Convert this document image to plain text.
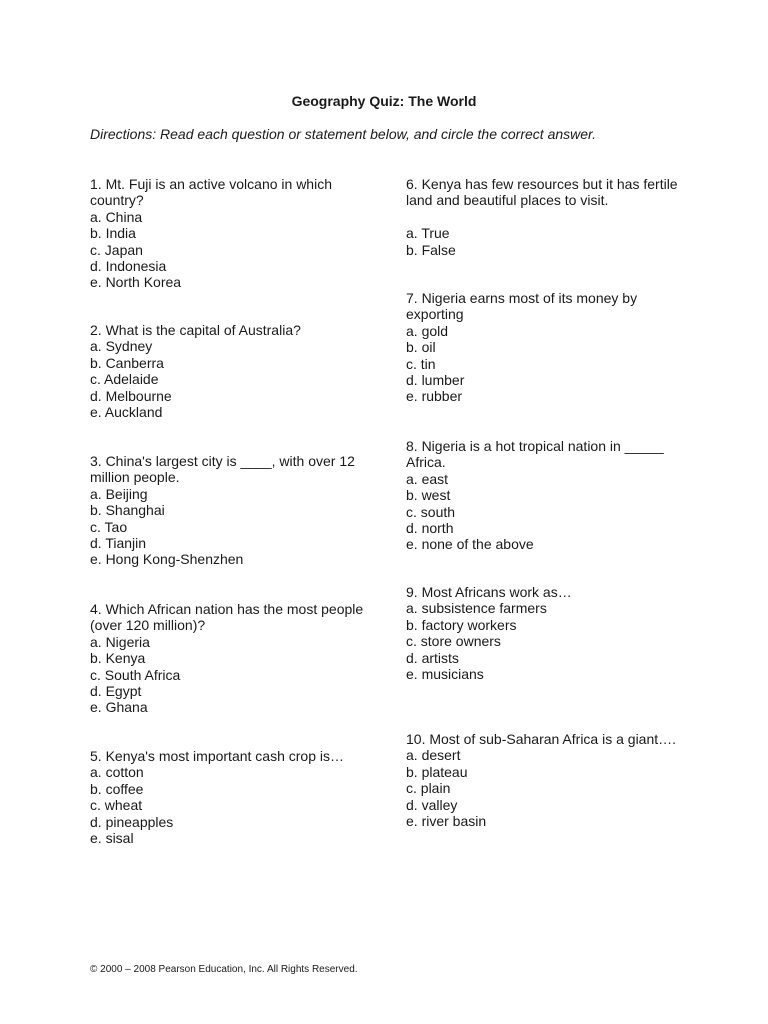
Geography Quiz: The World
Directions: Read each question or statement below, and circle the correct answer.
1. Mt. Fuji is an active volcano in which
country?
a. China
b. India
c. Japan
d. Indonesia
e. North Korea
2. What is the capital of Australia?
a. Sydney
b. Canberra
c. Adelaide
d. Melbourne
e. Auckland
3. China's largest city is ____, with over 12
million people.
a. Beijing
b. Shanghai
c. Tao
d. Tianjin
e. Hong Kong-Shenzhen
4. Which African nation has the most people
(over 120 million)?
a. Nigeria
b. Kenya
c. South Africa
d. Egypt
e. Ghana
5. Kenya's most important cash crop is…
a. cotton
b. coffee
c. wheat
d. pineapples
e. sisal
6. Kenya has few resources but it has fertile
land and beautiful places to visit.
a. True
b. False
7. Nigeria earns most of its money by
exporting
a. gold
b. oil
c. tin
d. lumber
e. rubber
8. Nigeria is a hot tropical nation in _____
Africa.
a. east
b. west
c. south
d. north
e. none of the above
9. Most Africans work as…
a. subsistence farmers
b. factory workers
c. store owners
d. artists
e. musicians
10. Most of sub-Saharan Africa is a giant….
a. desert
b. plateau
c. plain
d. valley
e. river basin
© 2000 – 2008 Pearson Education, Inc. All Rights Reserved.
